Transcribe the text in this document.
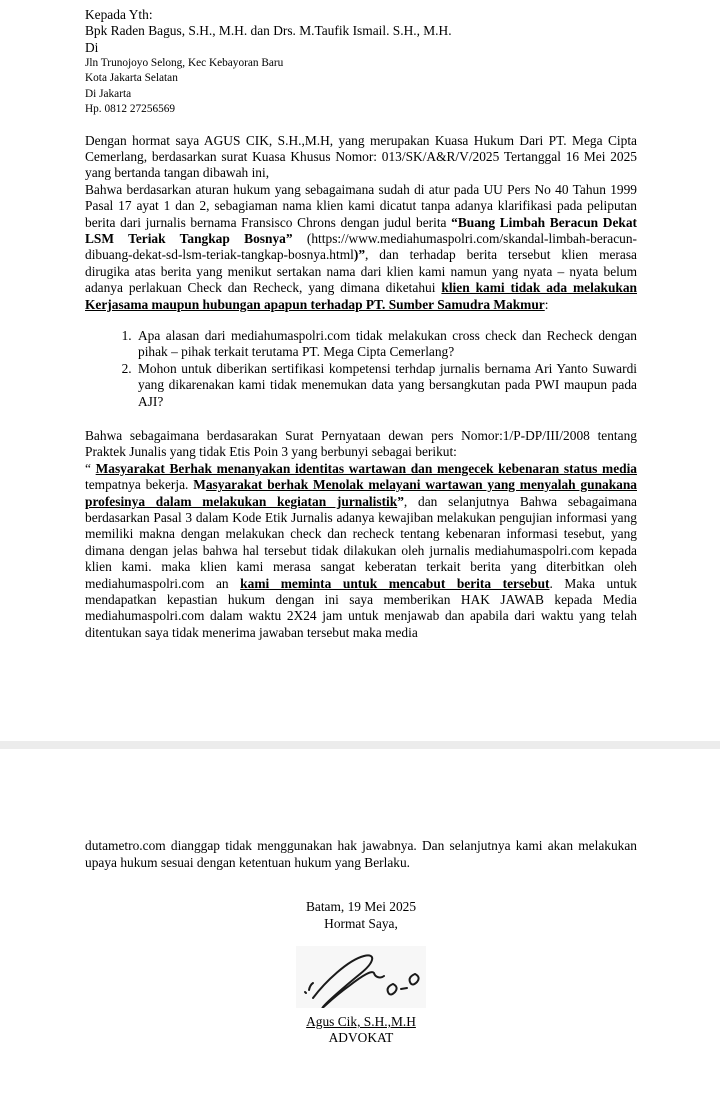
Kepada Yth:
Bpk Raden Bagus, S.H., M.H. dan Drs. M.Taufik Ismail. S.H., M.H.
Di
Jln Trunojoyo Selong, Kec Kebayoran Baru
Kota Jakarta Selatan
Di Jakarta
Hp. 0812 27256569

Dengan hormat saya AGUS CIK, S.H.,M.H, yang merupakan Kuasa Hukum Dari PT. Mega Cipta Cemerlang, berdasarkan surat Kuasa Khusus Nomor: 013/SK/A&R/V/2025 Tertanggal 16 Mei 2025 yang bertanda tangan dibawah ini,

Bahwa berdasarkan aturan hukum yang sebagaimana sudah di atur pada UU Pers No 40 Tahun 1999 Pasal 17 ayat 1 dan 2, sebagiaman nama klien kami dicatut tanpa adanya klarifikasi pada peliputan berita dari jurnalis bernama Fransisco Chrons dengan judul berita “Buang Limbah Beracun Dekat LSM Teriak Tangkap Bosnya” (https://www.mediahumaspolri.com/skandal-limbah-beracun-dibuang-dekat-sd-lsm-teriak-tangkap-bosnya.html)”, dan terhadap berita tersebut klien merasa dirugika atas berita yang menikut sertakan nama dari klien kami namun yang nyata – nyata belum adanya perlakuan Check dan Recheck, yang dimana diketahui klien kami tidak ada melakukan Kerjasama maupun hubungan apapun terhadap PT. Sumber Samudra Makmur:

1. Apa alasan dari mediahumaspolri.com tidak melakukan cross check dan Recheck dengan pihak – pihak terkait terutama PT. Mega Cipta Cemerlang?
2. Mohon untuk diberikan sertifikasi kompetensi terhdap jurnalis bernama Ari Yanto Suwardi yang dikarenakan kami tidak menemukan data yang bersangkutan pada PWI maupun pada AJI?

Bahwa sebagaimana berdasarakan Surat Pernyataan dewan pers Nomor:1/P-DP/III/2008 tentang Praktek Junalis yang tidak Etis Poin 3 yang berbunyi sebagai berikut:

“ Masyarakat Berhak menanyakan identitas wartawan dan mengecek kebenaran status media tempatnya bekerja. Masyarakat berhak Menolak melayani wartawan yang menyalah gunakana profesinya dalam melakukan kegiatan jurnalistik”, dan selanjutnya Bahwa sebagaimana berdasarkan Pasal 3 dalam Kode Etik Jurnalis adanya kewajiban melakukan pengujian informasi yang memiliki makna dengan melakukan check dan recheck tentang kebenaran informasi tesebut, yang dimana dengan jelas bahwa hal tersebut tidak dilakukan oleh jurnalis mediahumaspolri.com kepada klien kami. maka klien kami merasa sangat keberatan terkait berita yang diterbitkan oleh mediahumaspolri.com an kami meminta untuk mencabut berita tersebut. Maka untuk mendapatkan kepastian hukum dengan ini saya memberikan HAK JAWAB kepada Media mediahumaspolri.com dalam waktu 2X24 jam untuk menjawab dan apabila dari waktu yang telah ditentukan saya tidak menerima jawaban tersebut maka media

dutametro.com dianggap tidak menggunakan hak jawabnya. Dan selanjutnya kami akan melakukan upaya hukum sesuai dengan ketentuan hukum yang Berlaku.

Batam, 19 Mei 2025
Hormat Saya,
Agus Cik, S.H.,M.H
ADVOKAT
